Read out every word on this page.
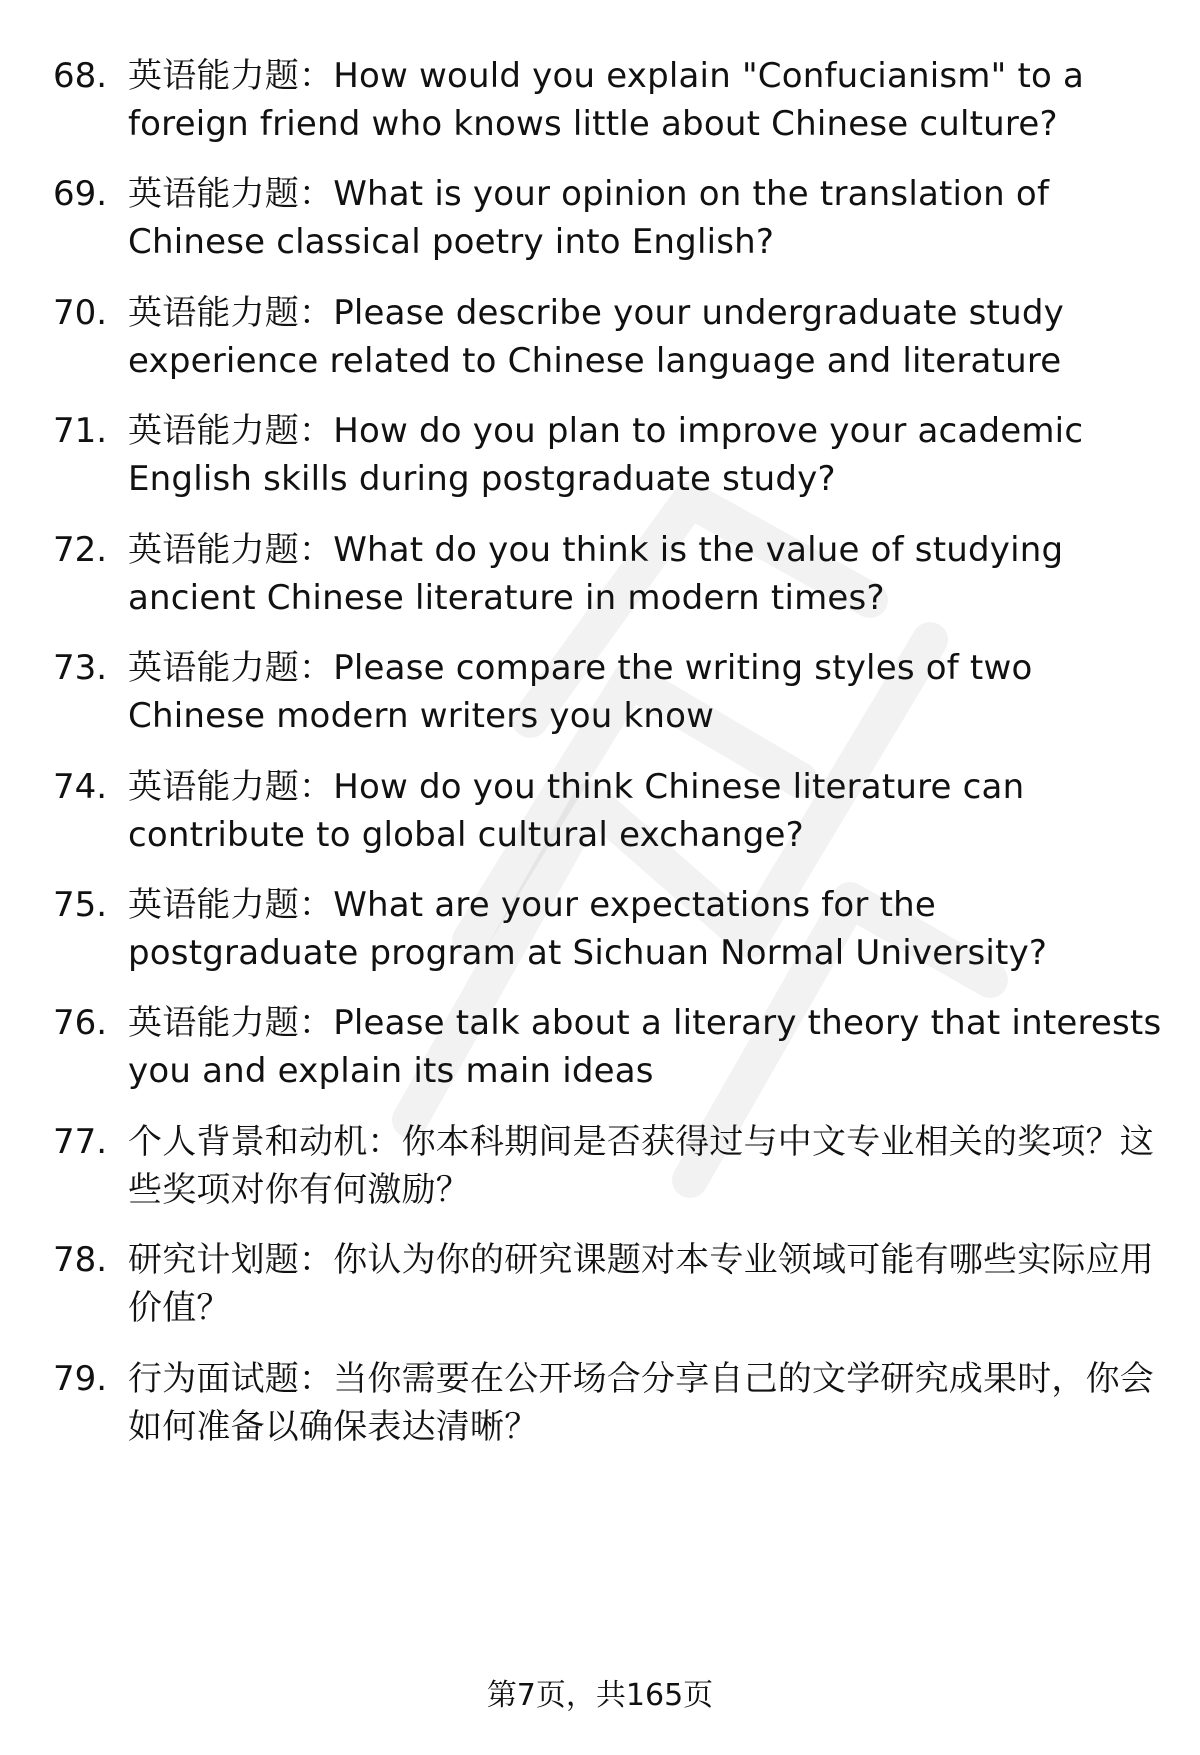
68. 英语能力题：How would you explain "Confucianism" to a foreign friend who knows little about Chinese culture?
69. 英语能力题：What is your opinion on the translation of Chinese classical poetry into English?
70. 英语能力题：Please describe your undergraduate study experience related to Chinese language and literature
71. 英语能力题：How do you plan to improve your academic English skills during postgraduate study?
72. 英语能力题：What do you think is the value of studying ancient Chinese literature in modern times?
73. 英语能力题：Please compare the writing styles of two Chinese modern writers you know
74. 英语能力题：How do you think Chinese literature can contribute to global cultural exchange?
75. 英语能力题：What are your expectations for the postgraduate program at Sichuan Normal University?
76. 英语能力题：Please talk about a literary theory that interests you and explain its main ideas
77. 个人背景和动机：你本科期间是否获得过与中文专业相关的奖项？这些奖项对你有何激励？
78. 研究计划题：你认为你的研究课题对本专业领域可能有哪些实际应用价值？
79. 行为面试题：当你需要在公开场合分享自己的文学研究成果时，你会如何准备以确保表达清晰？
第7页，共165页
